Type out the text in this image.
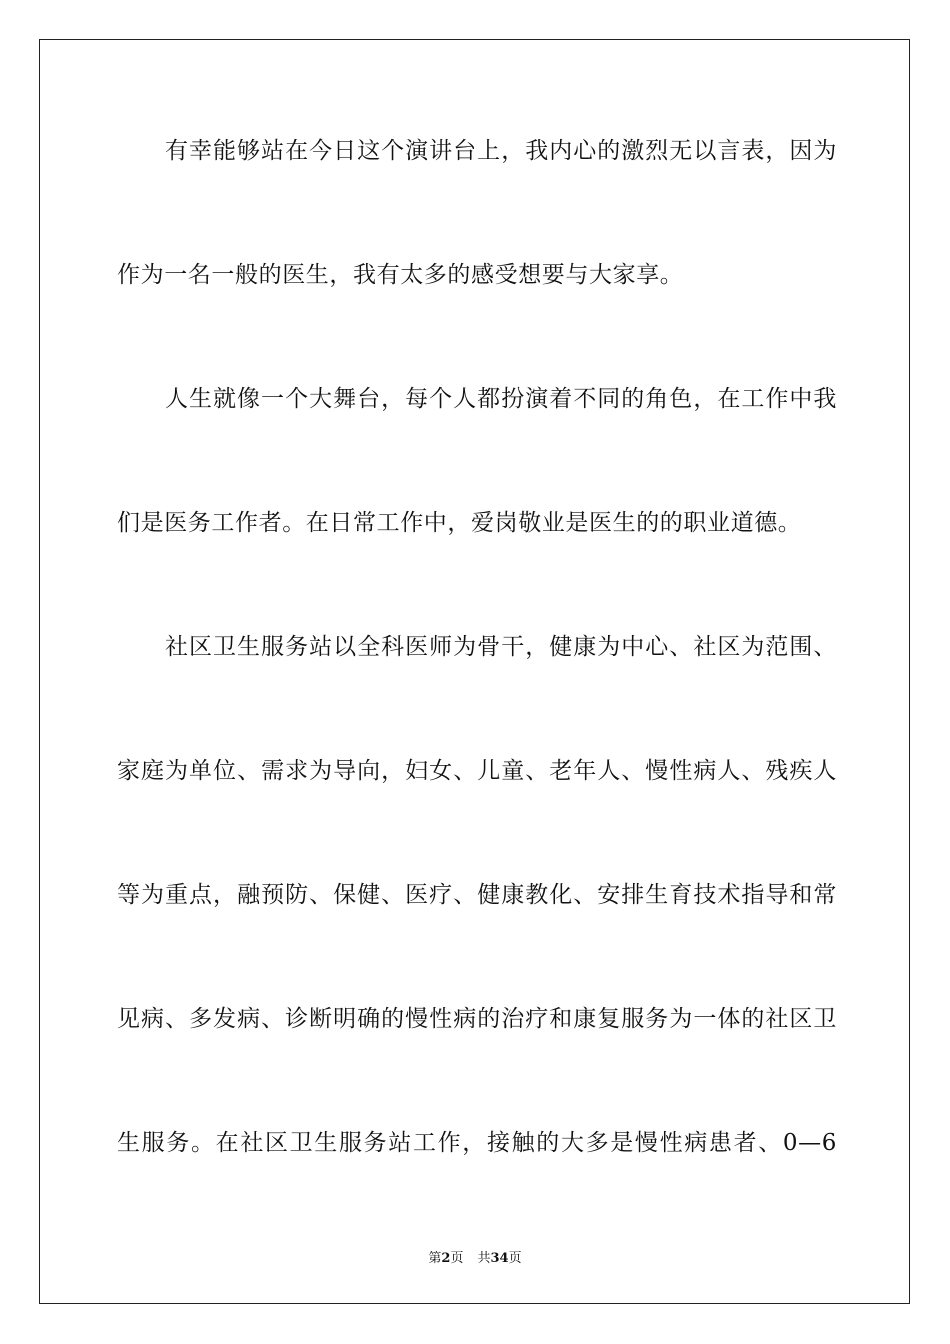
有幸能够站在今日这个演讲台上，我内心的激烈无以言表，因为
作为一名一般的医生，我有太多的感受想要与大家享。
人生就像一个大舞台，每个人都扮演着不同的角色，在工作中我
们是医务工作者。在日常工作中，爱岗敬业是医生的的职业道德。
社区卫生服务站以全科医师为骨干，健康为中心、社区为范围、
家庭为单位、需求为导向，妇女、儿童、老年人、慢性病人、残疾人
等为重点，融预防、保健、医疗、健康教化、安排生育技术指导和常
见病、多发病、诊断明确的慢性病的治疗和康复服务为一体的社区卫
生服务。在社区卫生服务站工作，接触的大多是慢性病患者、0—6
第2页 共34页
